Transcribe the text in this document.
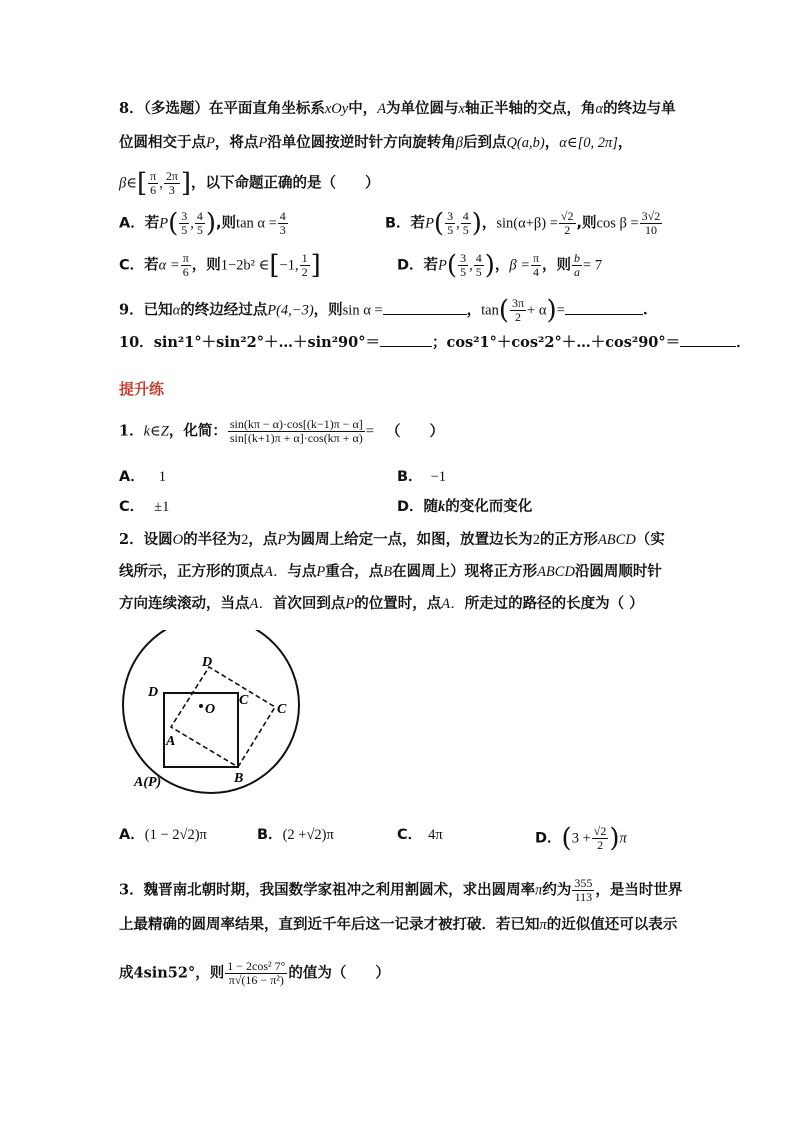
8．（多选题）在平面直角坐标系xOy中，A为单位圆与x轴正半轴的交点，角α的终边与单
位圆相交于点P，将点P沿单位圆按逆时针方向旋转角β后到点Q(a,b)，α∈[0, 2π]，
β∈[ $\frac{\pi}{6}$ , $\frac{2\pi}{3}$ ]，以下命题正确的是（　　）
A．若$P( \frac{3}{5}$ , $\frac{4}{5}$ ),则$\tan \alpha = \frac{4}{3}$	B．若$P( \frac{3}{5}$ , $\frac{4}{5}$ )，$\sin(\alpha+\beta) = \frac{√2}{2}$ ,则$\cos \beta = \frac{3√2}{10}$
C．若$\alpha = \frac{\pi}{6}$ ，则1−2b² ∈[−1, $\frac{1}{2}$ ]	D．若$P( \frac{3}{5}$ , $\frac{4}{5}$ )，$\beta = \frac{\pi}{4}$ ，则 $\frac{b}{a} = 7$
9．已知α的终边经过点P(4,−3)，则sin α =	，$\tan( \frac{3\pi}{2} + \alpha)=$	.
10．sin²1°＋sin²2°＋…＋sin²90°＝	；cos²1°＋cos²2°＋…＋cos²90°＝	．
提升练
1．k∈Z，化简： $\frac{\sin(k\pi - \alpha)\cdot\cos[(k-1)\pi - \alpha]}{\sin[(k+1)\pi + \alpha]\cdot\cos(k\pi + \alpha)}$ = （　　）
A． 1	B． −1
C． ±1	D．随k的变化而变化
2．设圆O的半径为2，点P为圆周上给定一点，如图，放置边长为2的正方形ABCD（实
线所示，正方形的顶点A．与点P重合，点B在圆周上）现将正方形ABCD沿圆周顺时针
方向连续滚动，当点A．首次回到点P的位置时，点A．所走过的路径的长度为（ ）
D
D
C
C
O
A
A(P)	B
A．(1 − 2√2)π	B．(2 +√2)π	C． 4π	D．$(3 + \frac{√2}{2} )\pi$
3．魏晋南北朝时期，我国数学家祖冲之利用割圆术，求出圆周率π约为 $\frac{355}{113}$ ，是当时世界
上最精确的圆周率结果，直到近千年后这一记录才被打破．若已知π的近似值还可以表示
成4sin52°，则 $\frac{\text{1 − 2cos² 7°}}{\text{π√(16 − π²)}}$ 的值为（　　）
